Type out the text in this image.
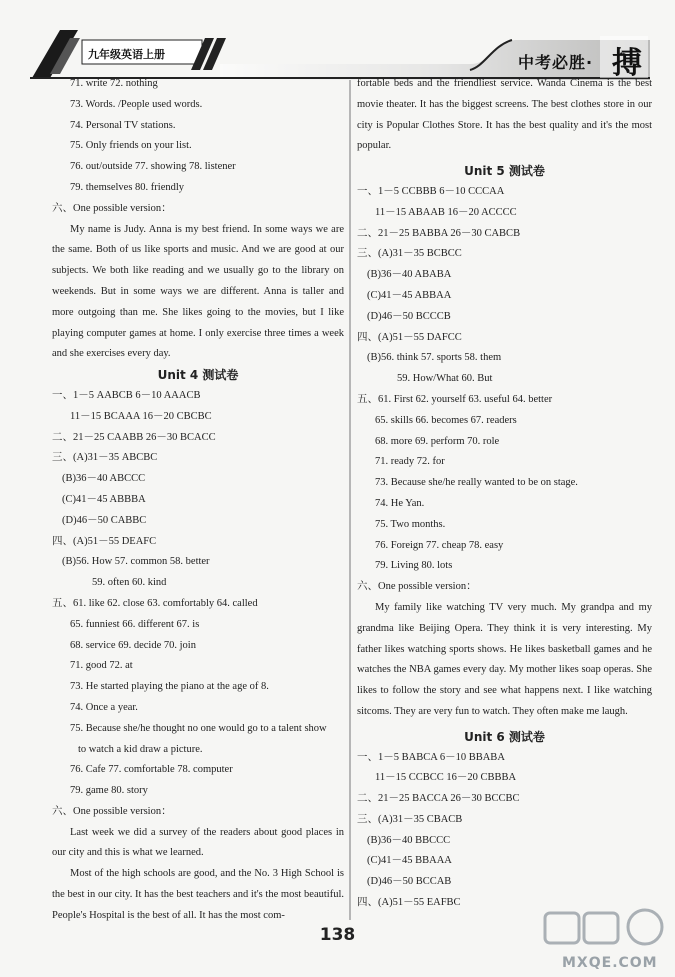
九年级英语上册	中考必胜· 搏
71. write 72. nothing
73. Words. /People used words.
74. Personal TV stations.
75. Only friends on your list.
76. out/outside 77. showing 78. listener
79. themselves 80. friendly
六、One possible version：
My name is Judy. Anna is my best friend. In some ways we are the same. Both of us like sports and music. And we are good at our subjects. We both like reading and we usually go to the library on weekends. But in some ways we are different. Anna is taller and more outgoing than me. She likes going to the movies, but I like playing computer games at home. I only exercise three times a week and she exercises every day.
Unit 4 测试卷
一、1－5 AABCB 6－10 AAACB
11－15 BCAAA 16－20 CBCBC
二、21－25 CAABB 26－30 BCACC
三、(A)31－35 ABCBC
(B)36－40 ABCCC
(C)41－45 ABBBA
(D)46－50 CABBC
四、(A)51－55 DEAFC
(B)56. How 57. common 58. better
59. often 60. kind
五、61. like 62. close 63. comfortably 64. called
65. funniest 66. different 67. is
68. service 69. decide 70. join
71. good 72. at
73. He started playing the piano at the age of 8.
74. Once a year.
75. Because she/he thought no one would go to a talent show
to watch a kid draw a picture.
76. Cafe 77. comfortable 78. computer
79. game 80. story
六、One possible version：
Last week we did a survey of the readers about good places in our city and this is what we learned.
Most of the high schools are good, and the No. 3 High School is the best in our city. It has the best teachers and it's the most beautiful. People's Hospital is the best of all. It has the most com-
fortable beds and the friendliest service. Wanda Cinema is the best movie theater. It has the biggest screens. The best clothes store in our city is Popular Clothes Store. It has the best quality and it's the most popular.
Unit 5 测试卷
一、1－5 CCBBB 6－10 CCCAA
11－15 ABAAB 16－20 ACCCC
二、21－25 BABBA 26－30 CABCB
三、(A)31－35 BCBCC
(B)36－40 ABABA
(C)41－45 ABBAA
(D)46－50 BCCCB
四、(A)51－55 DAFCC
(B)56. think 57. sports 58. them
59. How/What 60. But
五、61. First 62. yourself 63. useful 64. better
65. skills 66. becomes 67. readers
68. more 69. perform 70. role
71. ready 72. for
73. Because she/he really wanted to be on stage.
74. He Yan.
75. Two months.
76. Foreign 77. cheap 78. easy
79. Living 80. lots
六、One possible version：
My family like watching TV very much. My grandpa and my grandma like Beijing Opera. They think it is very interesting. My father likes watching sports shows. He likes basketball games and he watches the NBA games every day. My mother likes soap operas. She likes to follow the story and see what happens next. I like watching sitcoms. They are very fun to watch. They often make me laugh.
Unit 6 测试卷
一、1－5 BABCA 6－10 BBABA
11－15 CCBCC 16－20 CBBBA
二、21－25 BACCA 26－30 BCCBC
三、(A)31－35 CBACB
(B)36－40 BBCCC
(C)41－45 BBAAA
(D)46－50 BCCAB
四、(A)51－55 EAFBC
138
MXQE.COM
